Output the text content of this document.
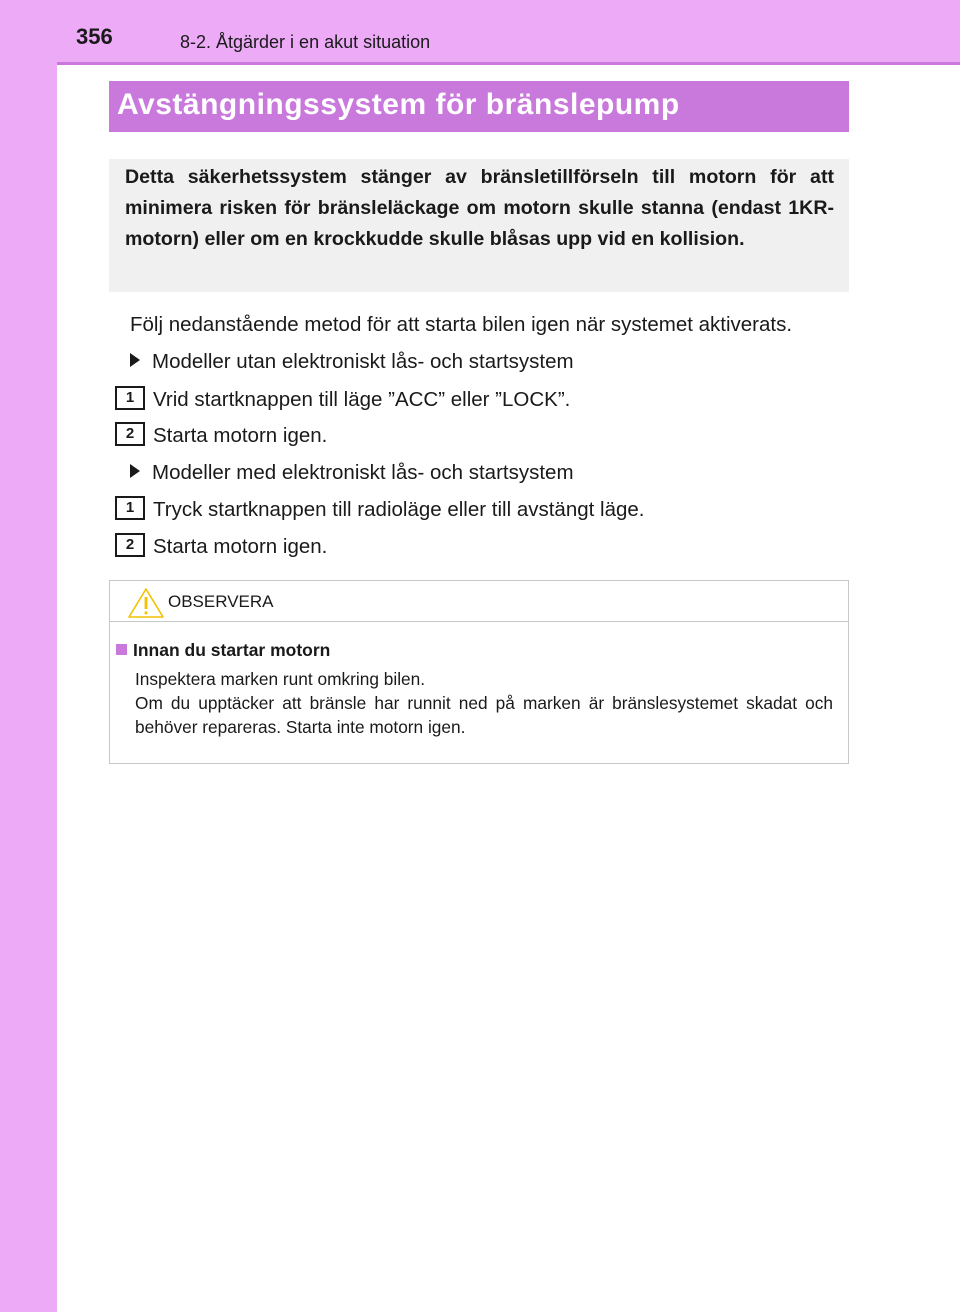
356	8-2. Åtgärder i en akut situation
Avstängningssystem för bränslepump
Detta säkerhetssystem stänger av bränsletillförseln till motorn för att minimera risken för bränsleläckage om motorn skulle stanna (endast 1KR-motorn) eller om en krockkudde skulle blåsas upp vid en kollision.
Följ nedanstående metod för att starta bilen igen när systemet aktiverats.
Modeller utan elektroniskt lås- och startsystem
1 Vrid startknappen till läge ”ACC” eller ”LOCK”.
2 Starta motorn igen.
Modeller med elektroniskt lås- och startsystem
1 Tryck startknappen till radioläge eller till avstängt läge.
2 Starta motorn igen.
OBSERVERA
Innan du startar motorn

Inspektera marken runt omkring bilen.

Om du upptäcker att bränsle har runnit ned på marken är bränslesystemet skadat och behöver repareras. Starta inte motorn igen.
